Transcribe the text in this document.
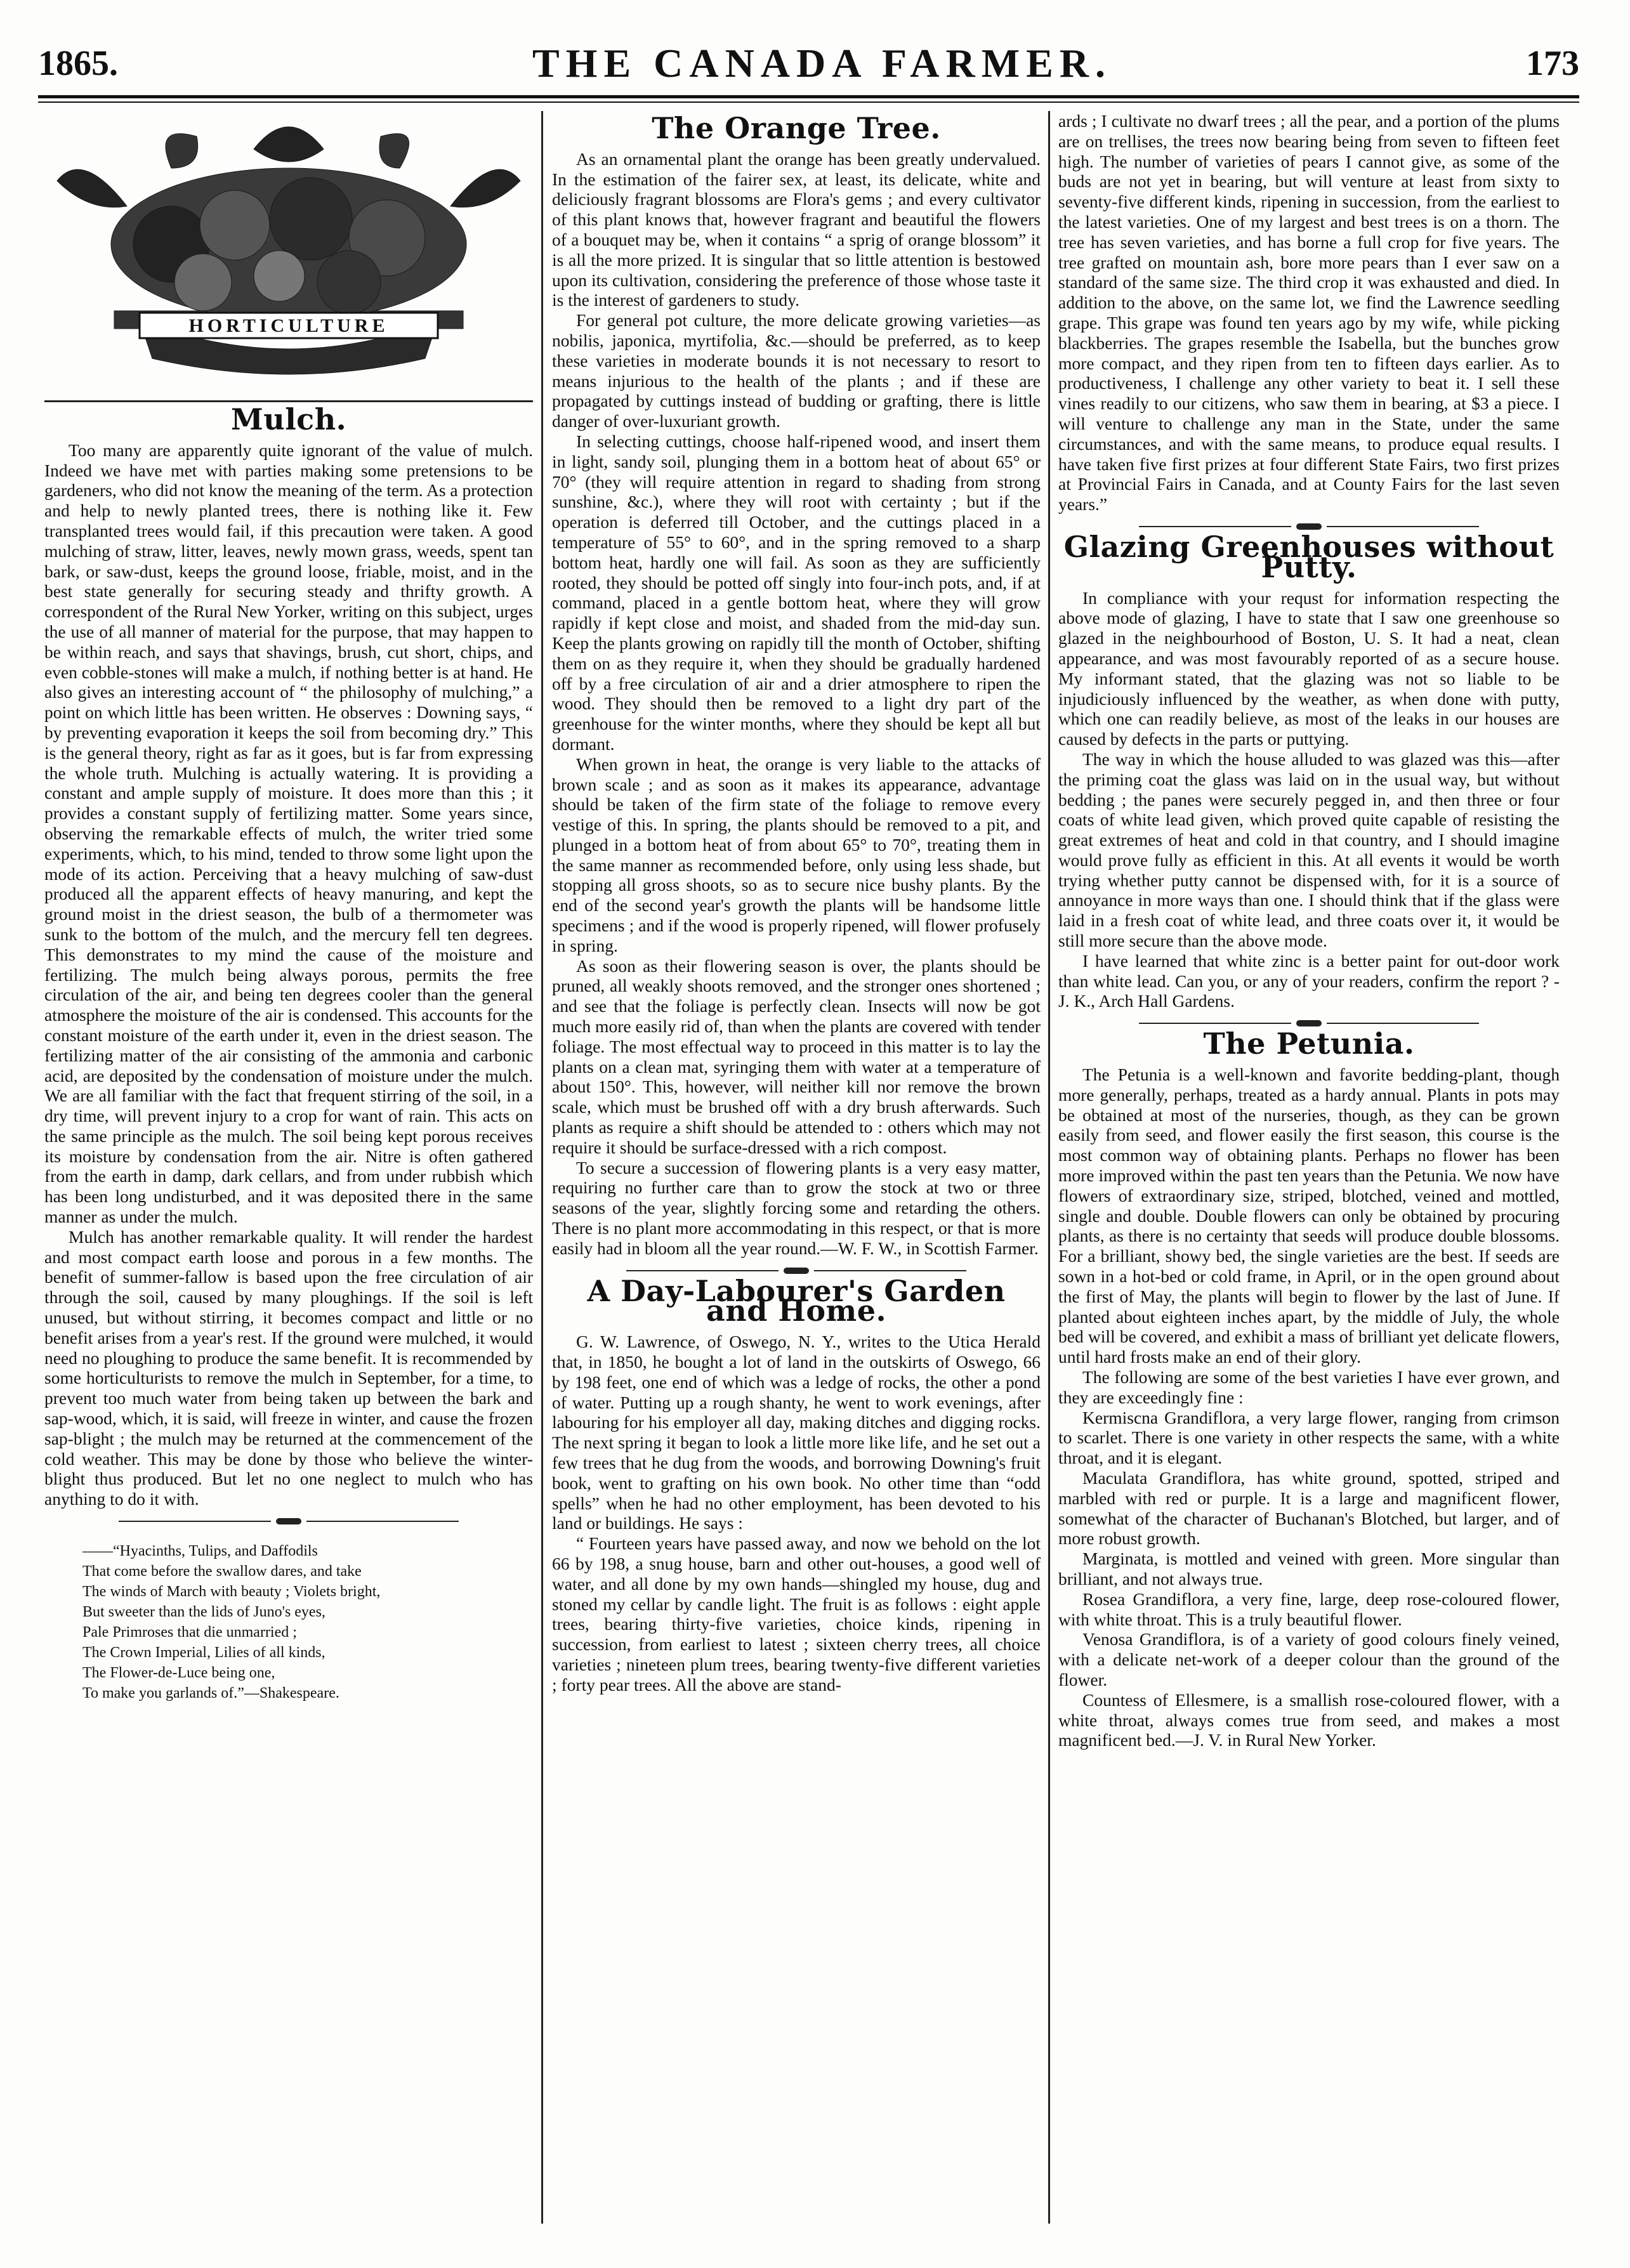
1865.	THE CANADA FARMER.	173
HORTICULTURE
Mulch.

Too many are apparently quite ignorant of the value of mulch. Indeed we have met with parties making some pretensions to be gardeners, who did not know the meaning of the term. As a protection and help to newly planted trees, there is nothing like it. Few transplanted trees would fail, if this precaution were taken. A good mulching of straw, litter, leaves, newly mown grass, weeds, spent tan bark, or saw-dust, keeps the ground loose, friable, moist, and in the best state generally for securing steady and thrifty growth. A correspondent of the Rural New Yorker, writing on this subject, urges the use of all manner of material for the purpose, that may happen to be within reach, and says that shavings, brush, cut short, chips, and even cobble-stones will make a mulch, if nothing better is at hand. He also gives an interesting account of “ the philosophy of mulching,” a point on which little has been written. He observes : Downing says, “ by preventing evaporation it keeps the soil from becoming dry.” This is the general theory, right as far as it goes, but is far from expressing the whole truth. Mulching is actually watering. It is providing a constant and ample supply of moisture. It does more than this ; it provides a constant supply of fertilizing matter. Some years since, observing the remarkable effects of mulch, the writer tried some experiments, which, to his mind, tended to throw some light upon the mode of its action. Perceiving that a heavy mulching of saw-dust produced all the apparent effects of heavy manuring, and kept the ground moist in the driest season, the bulb of a thermometer was sunk to the bottom of the mulch, and the mercury fell ten degrees. This demonstrates to my mind the cause of the moisture and fertilizing. The mulch being always porous, permits the free circulation of the air, and being ten degrees cooler than the general atmosphere the moisture of the air is condensed. This accounts for the constant moisture of the earth under it, even in the driest season. The fertilizing matter of the air consisting of the ammonia and carbonic acid, are deposited by the condensation of moisture under the mulch. We are all familiar with the fact that frequent stirring of the soil, in a dry time, will prevent injury to a crop for want of rain. This acts on the same principle as the mulch. The soil being kept porous receives its moisture by condensation from the air. Nitre is often gathered from the earth in damp, dark cellars, and from under rubbish which has been long undisturbed, and it was deposited there in the same manner as under the mulch.

Mulch has another remarkable quality. It will render the hardest and most compact earth loose and porous in a few months. The benefit of summer-fallow is based upon the free circulation of air through the soil, caused by many ploughings. If the soil is left unused, but without stirring, it becomes compact and little or no benefit arises from a year's rest. If the ground were mulched, it would need no ploughing to produce the same benefit. It is recommended by some horticulturists to remove the mulch in September, for a time, to prevent too much water from being taken up between the bark and sap-wood, which, it is said, will freeze in winter, and cause the frozen sap-blight ; the mulch may be returned at the commencement of the cold weather. This may be done by those who believe the winter-blight thus produced. But let no one neglect to mulch who has anything to do it with.

——“Hyacinths, Tulips, and Daffodils
That come before the swallow dares, and take
The winds of March with beauty ; Violets bright,
But sweeter than the lids of Juno's eyes,
Pale Primroses that die unmarried ;
The Crown Imperial, Lilies of all kinds,
The Flower-de-Luce being one,
To make you garlands of.”—Shakespeare.
The Orange Tree.

As an ornamental plant the orange has been greatly undervalued. In the estimation of the fairer sex, at least, its delicate, white and deliciously fragrant blossoms are Flora's gems ; and every cultivator of this plant knows that, however fragrant and beautiful the flowers of a bouquet may be, when it contains “ a sprig of orange blossom” it is all the more prized. It is singular that so little attention is bestowed upon its cultivation, considering the preference of those whose taste it is the interest of gardeners to study.

For general pot culture, the more delicate growing varieties—as nobilis, japonica, myrtifolia, &c.—should be preferred, as to keep these varieties in moderate bounds it is not necessary to resort to means injurious to the health of the plants ; and if these are propagated by cuttings instead of budding or grafting, there is little danger of over-luxuriant growth.

In selecting cuttings, choose half-ripened wood, and insert them in light, sandy soil, plunging them in a bottom heat of about 65° or 70° (they will require attention in regard to shading from strong sunshine, &c.), where they will root with certainty ; but if the operation is deferred till October, and the cuttings placed in a temperature of 55° to 60°, and in the spring removed to a sharp bottom heat, hardly one will fail. As soon as they are sufficiently rooted, they should be potted off singly into four-inch pots, and, if at command, placed in a gentle bottom heat, where they will grow rapidly if kept close and moist, and shaded from the mid-day sun. Keep the plants growing on rapidly till the month of October, shifting them on as they require it, when they should be gradually hardened off by a free circulation of air and a drier atmosphere to ripen the wood. They should then be removed to a light dry part of the greenhouse for the winter months, where they should be kept all but dormant.

When grown in heat, the orange is very liable to the attacks of brown scale ; and as soon as it makes its appearance, advantage should be taken of the firm state of the foliage to remove every vestige of this. In spring, the plants should be removed to a pit, and plunged in a bottom heat of from about 65° to 70°, treating them in the same manner as recommended before, only using less shade, but stopping all gross shoots, so as to secure nice bushy plants. By the end of the second year's growth the plants will be handsome little specimens ; and if the wood is properly ripened, will flower profusely in spring.

As soon as their flowering season is over, the plants should be pruned, all weakly shoots removed, and the stronger ones shortened ; and see that the foliage is perfectly clean. Insects will now be got much more easily rid of, than when the plants are covered with tender foliage. The most effectual way to proceed in this matter is to lay the plants on a clean mat, syringing them with water at a temperature of about 150°. This, however, will neither kill nor remove the brown scale, which must be brushed off with a dry brush afterwards. Such plants as require a shift should be attended to : others which may not require it should be surface-dressed with a rich compost.

To secure a succession of flowering plants is a very easy matter, requiring no further care than to grow the stock at two or three seasons of the year, slightly forcing some and retarding the others. There is no plant more accommodating in this respect, or that is more easily had in bloom all the year round.—W. F. W., in Scottish Farmer.

A Day-Labourer's Garden and Home.

G. W. Lawrence, of Oswego, N. Y., writes to the Utica Herald that, in 1850, he bought a lot of land in the outskirts of Oswego, 66 by 198 feet, one end of which was a ledge of rocks, the other a pond of water. Putting up a rough shanty, he went to work evenings, after labouring for his employer all day, making ditches and digging rocks. The next spring it began to look a little more like life, and he set out a few trees that he dug from the woods, and borrowing Downing's fruit book, went to grafting on his own book. No other time than “odd spells” when he had no other employment, has been devoted to his land or buildings. He says :

“ Fourteen years have passed away, and now we behold on the lot 66 by 198, a snug house, barn and other out-houses, a good well of water, and all done by my own hands—shingled my house, dug and stoned my cellar by candle light. The fruit is as follows : eight apple trees, bearing thirty-five varieties, choice kinds, ripening in succession, from earliest to latest ; sixteen cherry trees, all choice varieties ; nineteen plum trees, bearing twenty-five different varieties ; forty pear trees. All the above are stand-

ards ; I cultivate no dwarf trees ; all the pear, and a portion of the plums are on trellises, the trees now bearing being from seven to fifteen feet high. The number of varieties of pears I cannot give, as some of the buds are not yet in bearing, but will venture at least from sixty to seventy-five different kinds, ripening in succession, from the earliest to the latest varieties. One of my largest and best trees is on a thorn. The tree has seven varieties, and has borne a full crop for five years. The tree grafted on mountain ash, bore more pears than I ever saw on a standard of the same size. The third crop it was exhausted and died. In addition to the above, on the same lot, we find the Lawrence seedling grape. This grape was found ten years ago by my wife, while picking blackberries. The grapes resemble the Isabella, but the bunches grow more compact, and they ripen from ten to fifteen days earlier. As to productiveness, I challenge any other variety to beat it. I sell these vines readily to our citizens, who saw them in bearing, at $3 a piece. I will venture to challenge any man in the State, under the same circumstances, and with the same means, to produce equal results. I have taken five first prizes at four different State Fairs, two first prizes at Provincial Fairs in Canada, and at County Fairs for the last seven years.”

Glazing Greenhouses without Putty.

In compliance with your requst for information respecting the above mode of glazing, I have to state that I saw one greenhouse so glazed in the neighbourhood of Boston, U. S. It had a neat, clean appearance, and was most favourably reported of as a secure house. My informant stated, that the glazing was not so liable to be injudiciously influenced by the weather, as when done with putty, which one can readily believe, as most of the leaks in our houses are caused by defects in the parts or puttying.

The way in which the house alluded to was glazed was this—after the priming coat the glass was laid on in the usual way, but without bedding ; the panes were securely pegged in, and then three or four coats of white lead given, which proved quite capable of resisting the great extremes of heat and cold in that country, and I should imagine would prove fully as efficient in this. At all events it would be worth trying whether putty cannot be dispensed with, for it is a source of annoyance in more ways than one. I should think that if the glass were laid in a fresh coat of white lead, and three coats over it, it would be still more secure than the above mode.

I have learned that white zinc is a better paint for out-door work than white lead. Can you, or any of your readers, confirm the report ? - J. K., Arch Hall Gardens.

The Petunia.

The Petunia is a well-known and favorite bedding-plant, though more generally, perhaps, treated as a hardy annual. Plants in pots may be obtained at most of the nurseries, though, as they can be grown easily from seed, and flower easily the first season, this course is the most common way of obtaining plants. Perhaps no flower has been more improved within the past ten years than the Petunia. We now have flowers of extraordinary size, striped, blotched, veined and mottled, single and double. Double flowers can only be obtained by procuring plants, as there is no certainty that seeds will produce double blossoms. For a brilliant, showy bed, the single varieties are the best. If seeds are sown in a hot-bed or cold frame, in April, or in the open ground about the first of May, the plants will begin to flower by the last of June. If planted about eighteen inches apart, by the middle of July, the whole bed will be covered, and exhibit a mass of brilliant yet delicate flowers, until hard frosts make an end of their glory.

The following are some of the best varieties I have ever grown, and they are exceedingly fine :

Kermiscna Grandiflora, a very large flower, ranging from crimson to scarlet. There is one variety in other respects the same, with a white throat, and it is elegant.

Maculata Grandiflora, has white ground, spotted, striped and marbled with red or purple. It is a large and magnificent flower, somewhat of the character of Buchanan's Blotched, but larger, and of more robust growth.

Marginata, is mottled and veined with green. More singular than brilliant, and not always true.

Rosea Grandiflora, a very fine, large, deep rose-coloured flower, with white throat. This is a truly beautiful flower.

Venosa Grandiflora, is of a variety of good colours finely veined, with a delicate net-work of a deeper colour than the ground of the flower.

Countess of Ellesmere, is a smallish rose-coloured flower, with a white throat, always comes true from seed, and makes a most magnificent bed.—J. V. in Rural New Yorker.
